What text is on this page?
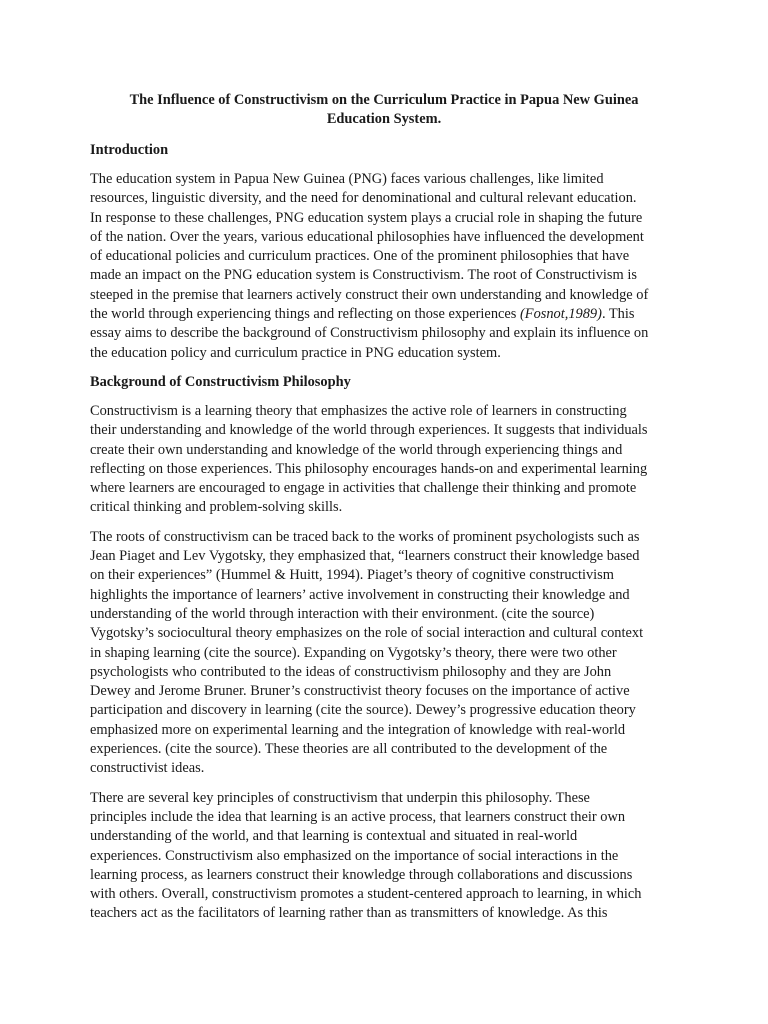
The Influence of Constructivism on the Curriculum Practice in Papua New Guinea
Education System.
Introduction
The education system in Papua New Guinea (PNG) faces various challenges, like limited
resources, linguistic diversity, and the need for denominational and cultural relevant education.
In response to these challenges, PNG education system plays a crucial role in shaping the future
of the nation. Over the years, various educational philosophies have influenced the development
of educational policies and curriculum practices. One of the prominent philosophies that have
made an impact on the PNG education system is Constructivism. The root of Constructivism is
steeped in the premise that learners actively construct their own understanding and knowledge of
the world through experiencing things and reflecting on those experiences (Fosnot,1989). This
essay aims to describe the background of Constructivism philosophy and explain its influence on
the education policy and curriculum practice in PNG education system.
Background of Constructivism Philosophy
Constructivism is a learning theory that emphasizes the active role of learners in constructing
their understanding and knowledge of the world through experiences. It suggests that individuals
create their own understanding and knowledge of the world through experiencing things and
reflecting on those experiences. This philosophy encourages hands-on and experimental learning
where learners are encouraged to engage in activities that challenge their thinking and promote
critical thinking and problem-solving skills.
The roots of constructivism can be traced back to the works of prominent psychologists such as
Jean Piaget and Lev Vygotsky, they emphasized that, “learners construct their knowledge based
on their experiences” (Hummel & Huitt, 1994). Piaget’s theory of cognitive constructivism
highlights the importance of learners’ active involvement in constructing their knowledge and
understanding of the world through interaction with their environment. (cite the source)
Vygotsky’s sociocultural theory emphasizes on the role of social interaction and cultural context
in shaping learning (cite the source). Expanding on Vygotsky’s theory, there were two other
psychologists who contributed to the ideas of constructivism philosophy and they are John
Dewey and Jerome Bruner. Bruner’s constructivist theory focuses on the importance of active
participation and discovery in learning (cite the source). Dewey’s progressive education theory
emphasized more on experimental learning and the integration of knowledge with real-world
experiences. (cite the source). These theories are all contributed to the development of the
constructivist ideas.
There are several key principles of constructivism that underpin this philosophy. These
principles include the idea that learning is an active process, that learners construct their own
understanding of the world, and that learning is contextual and situated in real-world
experiences. Constructivism also emphasized on the importance of social interactions in the
learning process, as learners construct their knowledge through collaborations and discussions
with others. Overall, constructivism promotes a student-centered approach to learning, in which
teachers act as the facilitators of learning rather than as transmitters of knowledge. As this
